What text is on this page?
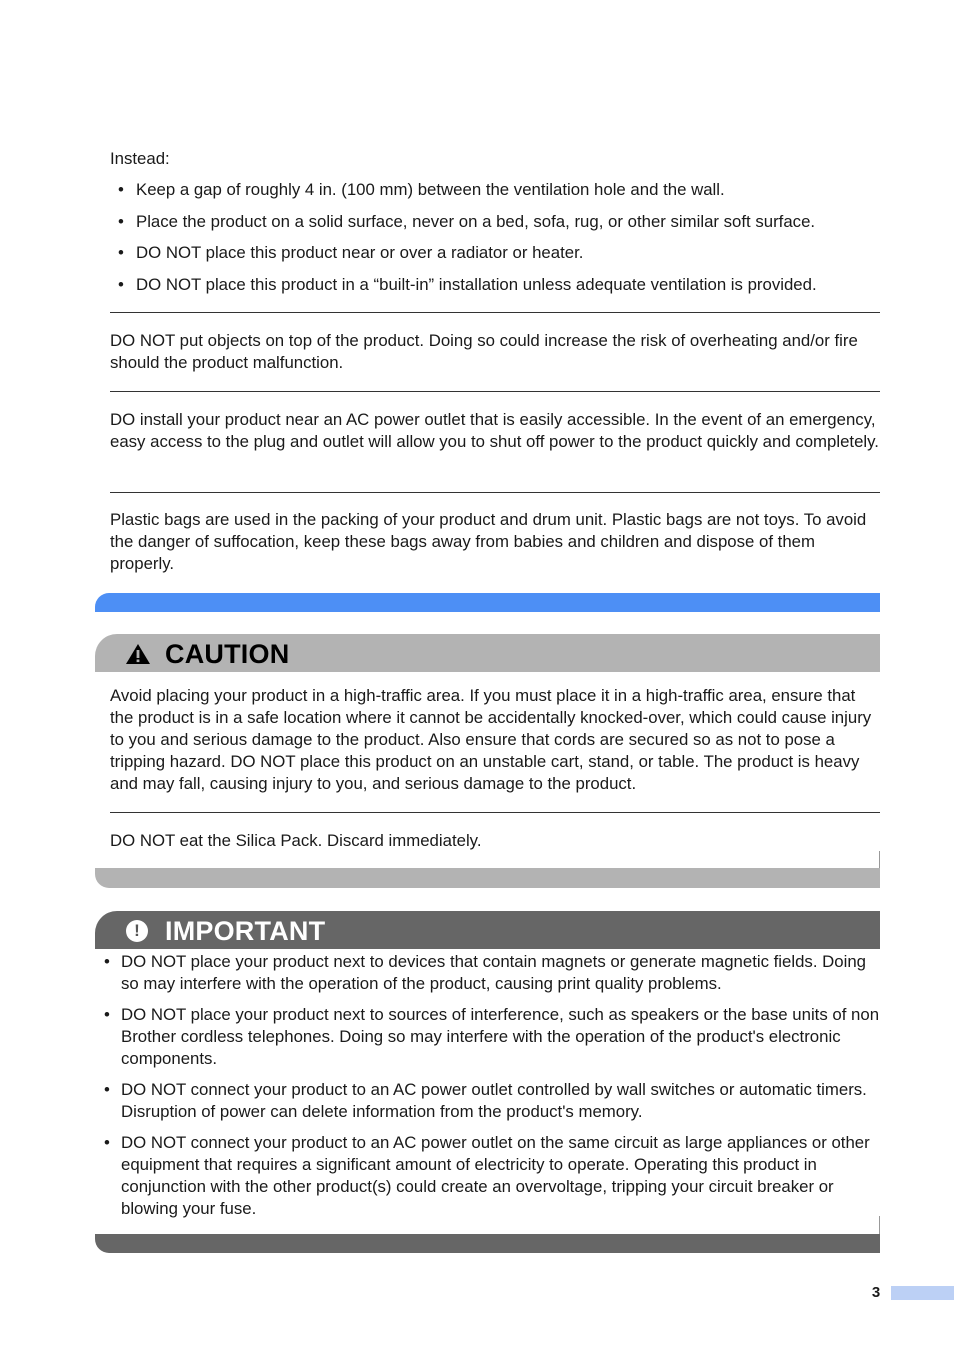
Instead:

• Keep a gap of roughly 4 in. (100 mm) between the ventilation hole and the wall.
• Place the product on a solid surface, never on a bed, sofa, rug, or other similar soft surface.
• DO NOT place this product near or over a radiator or heater.
• DO NOT place this product in a “built-in” installation unless adequate ventilation is provided.

DO NOT put objects on top of the product. Doing so could increase the risk of overheating and/or fire should the product malfunction.

DO install your product near an AC power outlet that is easily accessible. In the event of an emergency, easy access to the plug and outlet will allow you to shut off power to the product quickly and completely.

Plastic bags are used in the packing of your product and drum unit. Plastic bags are not toys. To avoid the danger of suffocation, keep these bags away from babies and children and dispose of them properly.

CAUTION

Avoid placing your product in a high-traffic area. If you must place it in a high-traffic area, ensure that the product is in a safe location where it cannot be accidentally knocked-over, which could cause injury to you and serious damage to the product. Also ensure that cords are secured so as not to pose a tripping hazard. DO NOT place this product on an unstable cart, stand, or table. The product is heavy and may fall, causing injury to you, and serious damage to the product.

DO NOT eat the Silica Pack. Discard immediately.

! IMPORTANT
• DO NOT place your product next to devices that contain magnets or generate magnetic fields. Doing so may interfere with the operation of the product, causing print quality problems.
• DO NOT place your product next to sources of interference, such as speakers or the base units of non Brother cordless telephones. Doing so may interfere with the operation of the product's electronic components.
• DO NOT connect your product to an AC power outlet controlled by wall switches or automatic timers. Disruption of power can delete information from the product's memory.
• DO NOT connect your product to an AC power outlet on the same circuit as large appliances or other equipment that requires a significant amount of electricity to operate. Operating this product in conjunction with the other product(s) could create an overvoltage, tripping your circuit breaker or blowing your fuse.
3
